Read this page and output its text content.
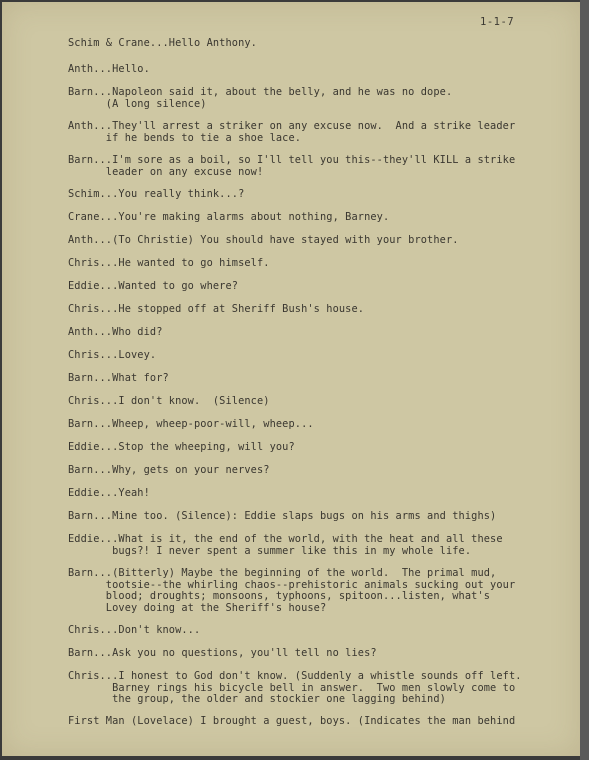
1-1-7
Schim & Crane...Hello Anthony.
Anth...Hello.
Barn...Napoleon said it, about the belly, and he was no dope.
(A long silence)
Anth...They'll arrest a striker on any excuse now.  And a strike leader
if he bends to tie a shoe lace.
Barn...I'm sore as a boil, so I'll tell you this--they'll KILL a strike
leader on any excuse now!
Schim...You really think...?
Crane...You're making alarms about nothing, Barney.
Anth...(To Christie) You should have stayed with your brother.
Chris...He wanted to go himself.
Eddie...Wanted to go where?
Chris...He stopped off at Sheriff Bush's house.
Anth...Who did?
Chris...Lovey.
Barn...What for?
Chris...I don't know.  (Silence)
Barn...Wheep, wheep-poor-will, wheep...
Eddie...Stop the wheeping, will you?
Barn...Why, gets on your nerves?
Eddie...Yeah!
Barn...Mine too. (Silence): Eddie slaps bugs on his arms and thighs)
Eddie...What is it, the end of the world, with the heat and all these
bugs?! I never spent a summer like this in my whole life.
Barn...(Bitterly) Maybe the beginning of the world.  The primal mud,
tootsie--the whirling chaos--prehistoric animals sucking out your
blood; droughts; monsoons, typhoons, spitoon...listen, what's
Lovey doing at the Sheriff's house?
Chris...Don't know...
Barn...Ask you no questions, you'll tell no lies?
Chris...I honest to God don't know. (Suddenly a whistle sounds off left.
Barney rings his bicycle bell in answer.  Two men slowly come to
the group, the older and stockier one lagging behind)
First Man (Lovelace) I brought a guest, boys. (Indicates the man behind
